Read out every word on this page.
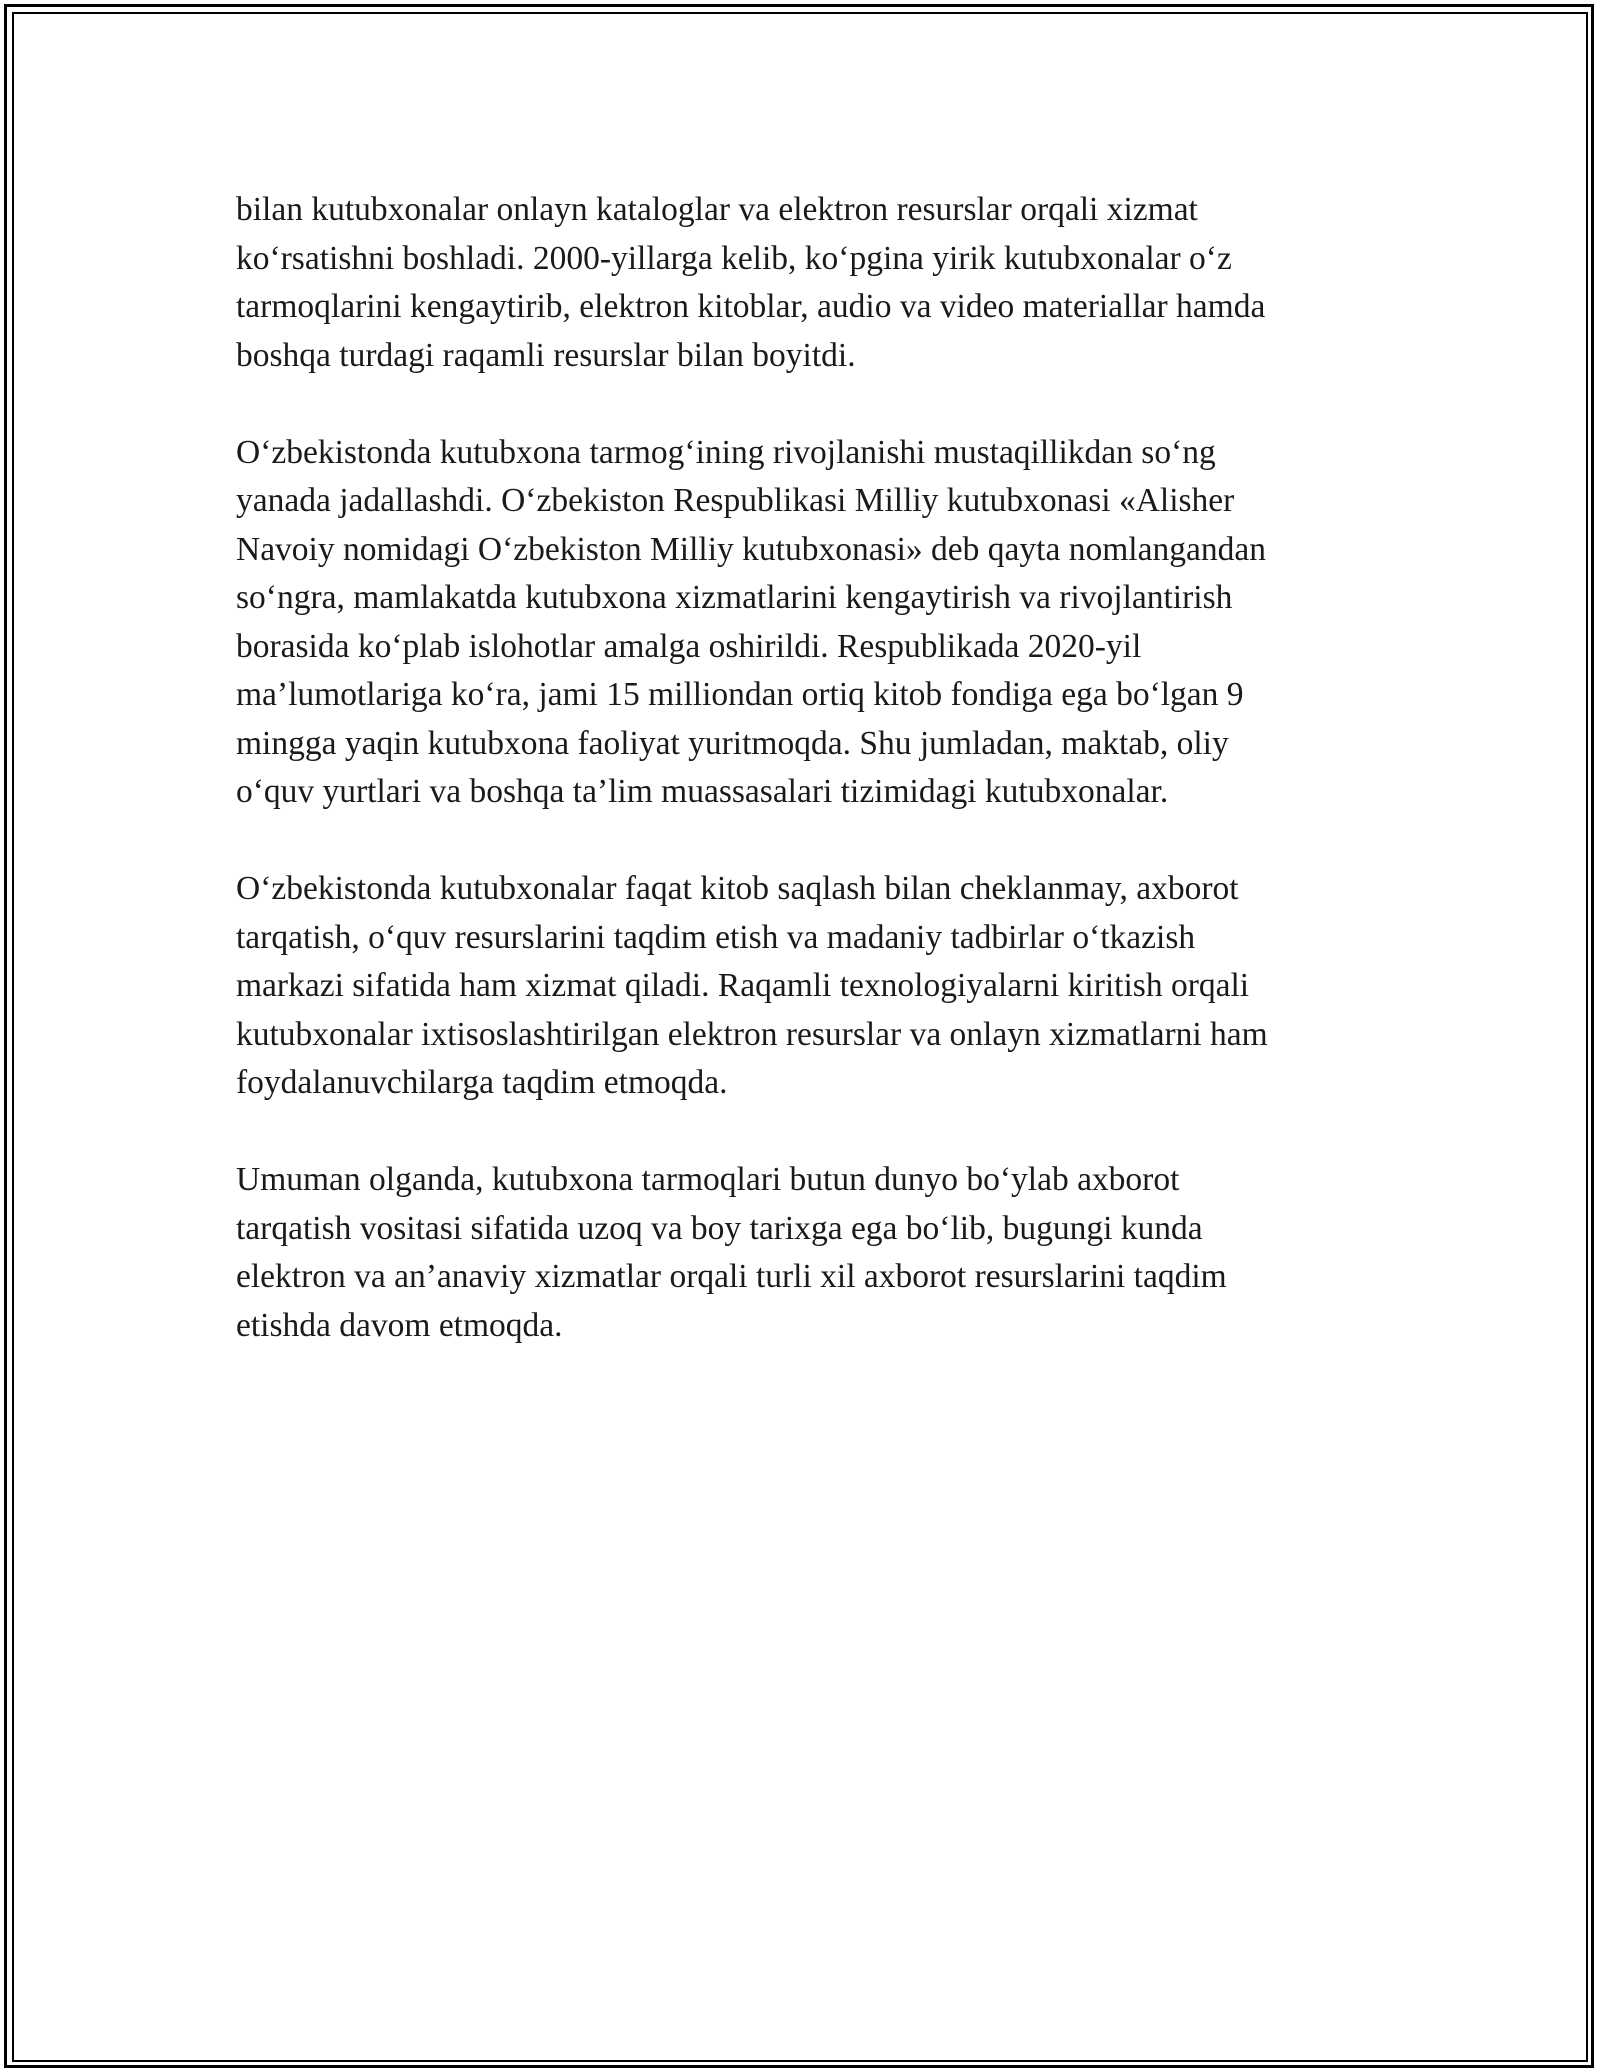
bilan kutubxonalar onlayn kataloglar va elektron resurslar orqali xizmat
ko‘rsatishni boshladi. 2000-yillarga kelib, ko‘pgina yirik kutubxonalar o‘z
tarmoqlarini kengaytirib, elektron kitoblar, audio va video materiallar hamda
boshqa turdagi raqamli resurslar bilan boyitdi.

O‘zbekistonda kutubxona tarmog‘ining rivojlanishi mustaqillikdan so‘ng
yanada jadallashdi. O‘zbekiston Respublikasi Milliy kutubxonasi «Alisher
Navoiy nomidagi O‘zbekiston Milliy kutubxonasi» deb qayta nomlangandan
so‘ngra, mamlakatda kutubxona xizmatlarini kengaytirish va rivojlantirish
borasida ko‘plab islohotlar amalga oshirildi. Respublikada 2020-yil
ma’lumotlariga ko‘ra, jami 15 milliondan ortiq kitob fondiga ega bo‘lgan 9
mingga yaqin kutubxona faoliyat yuritmoqda. Shu jumladan, maktab, oliy
o‘quv yurtlari va boshqa ta’lim muassasalari tizimidagi kutubxonalar.

O‘zbekistonda kutubxonalar faqat kitob saqlash bilan cheklanmay, axborot
tarqatish, o‘quv resurslarini taqdim etish va madaniy tadbirlar o‘tkazish
markazi sifatida ham xizmat qiladi. Raqamli texnologiyalarni kiritish orqali
kutubxonalar ixtisoslashtirilgan elektron resurslar va onlayn xizmatlarni ham
foydalanuvchilarga taqdim etmoqda.

Umuman olganda, kutubxona tarmoqlari butun dunyo bo‘ylab axborot
tarqatish vositasi sifatida uzoq va boy tarixga ega bo‘lib, bugungi kunda
elektron va an’anaviy xizmatlar orqali turli xil axborot resurslarini taqdim
etishda davom etmoqda.
